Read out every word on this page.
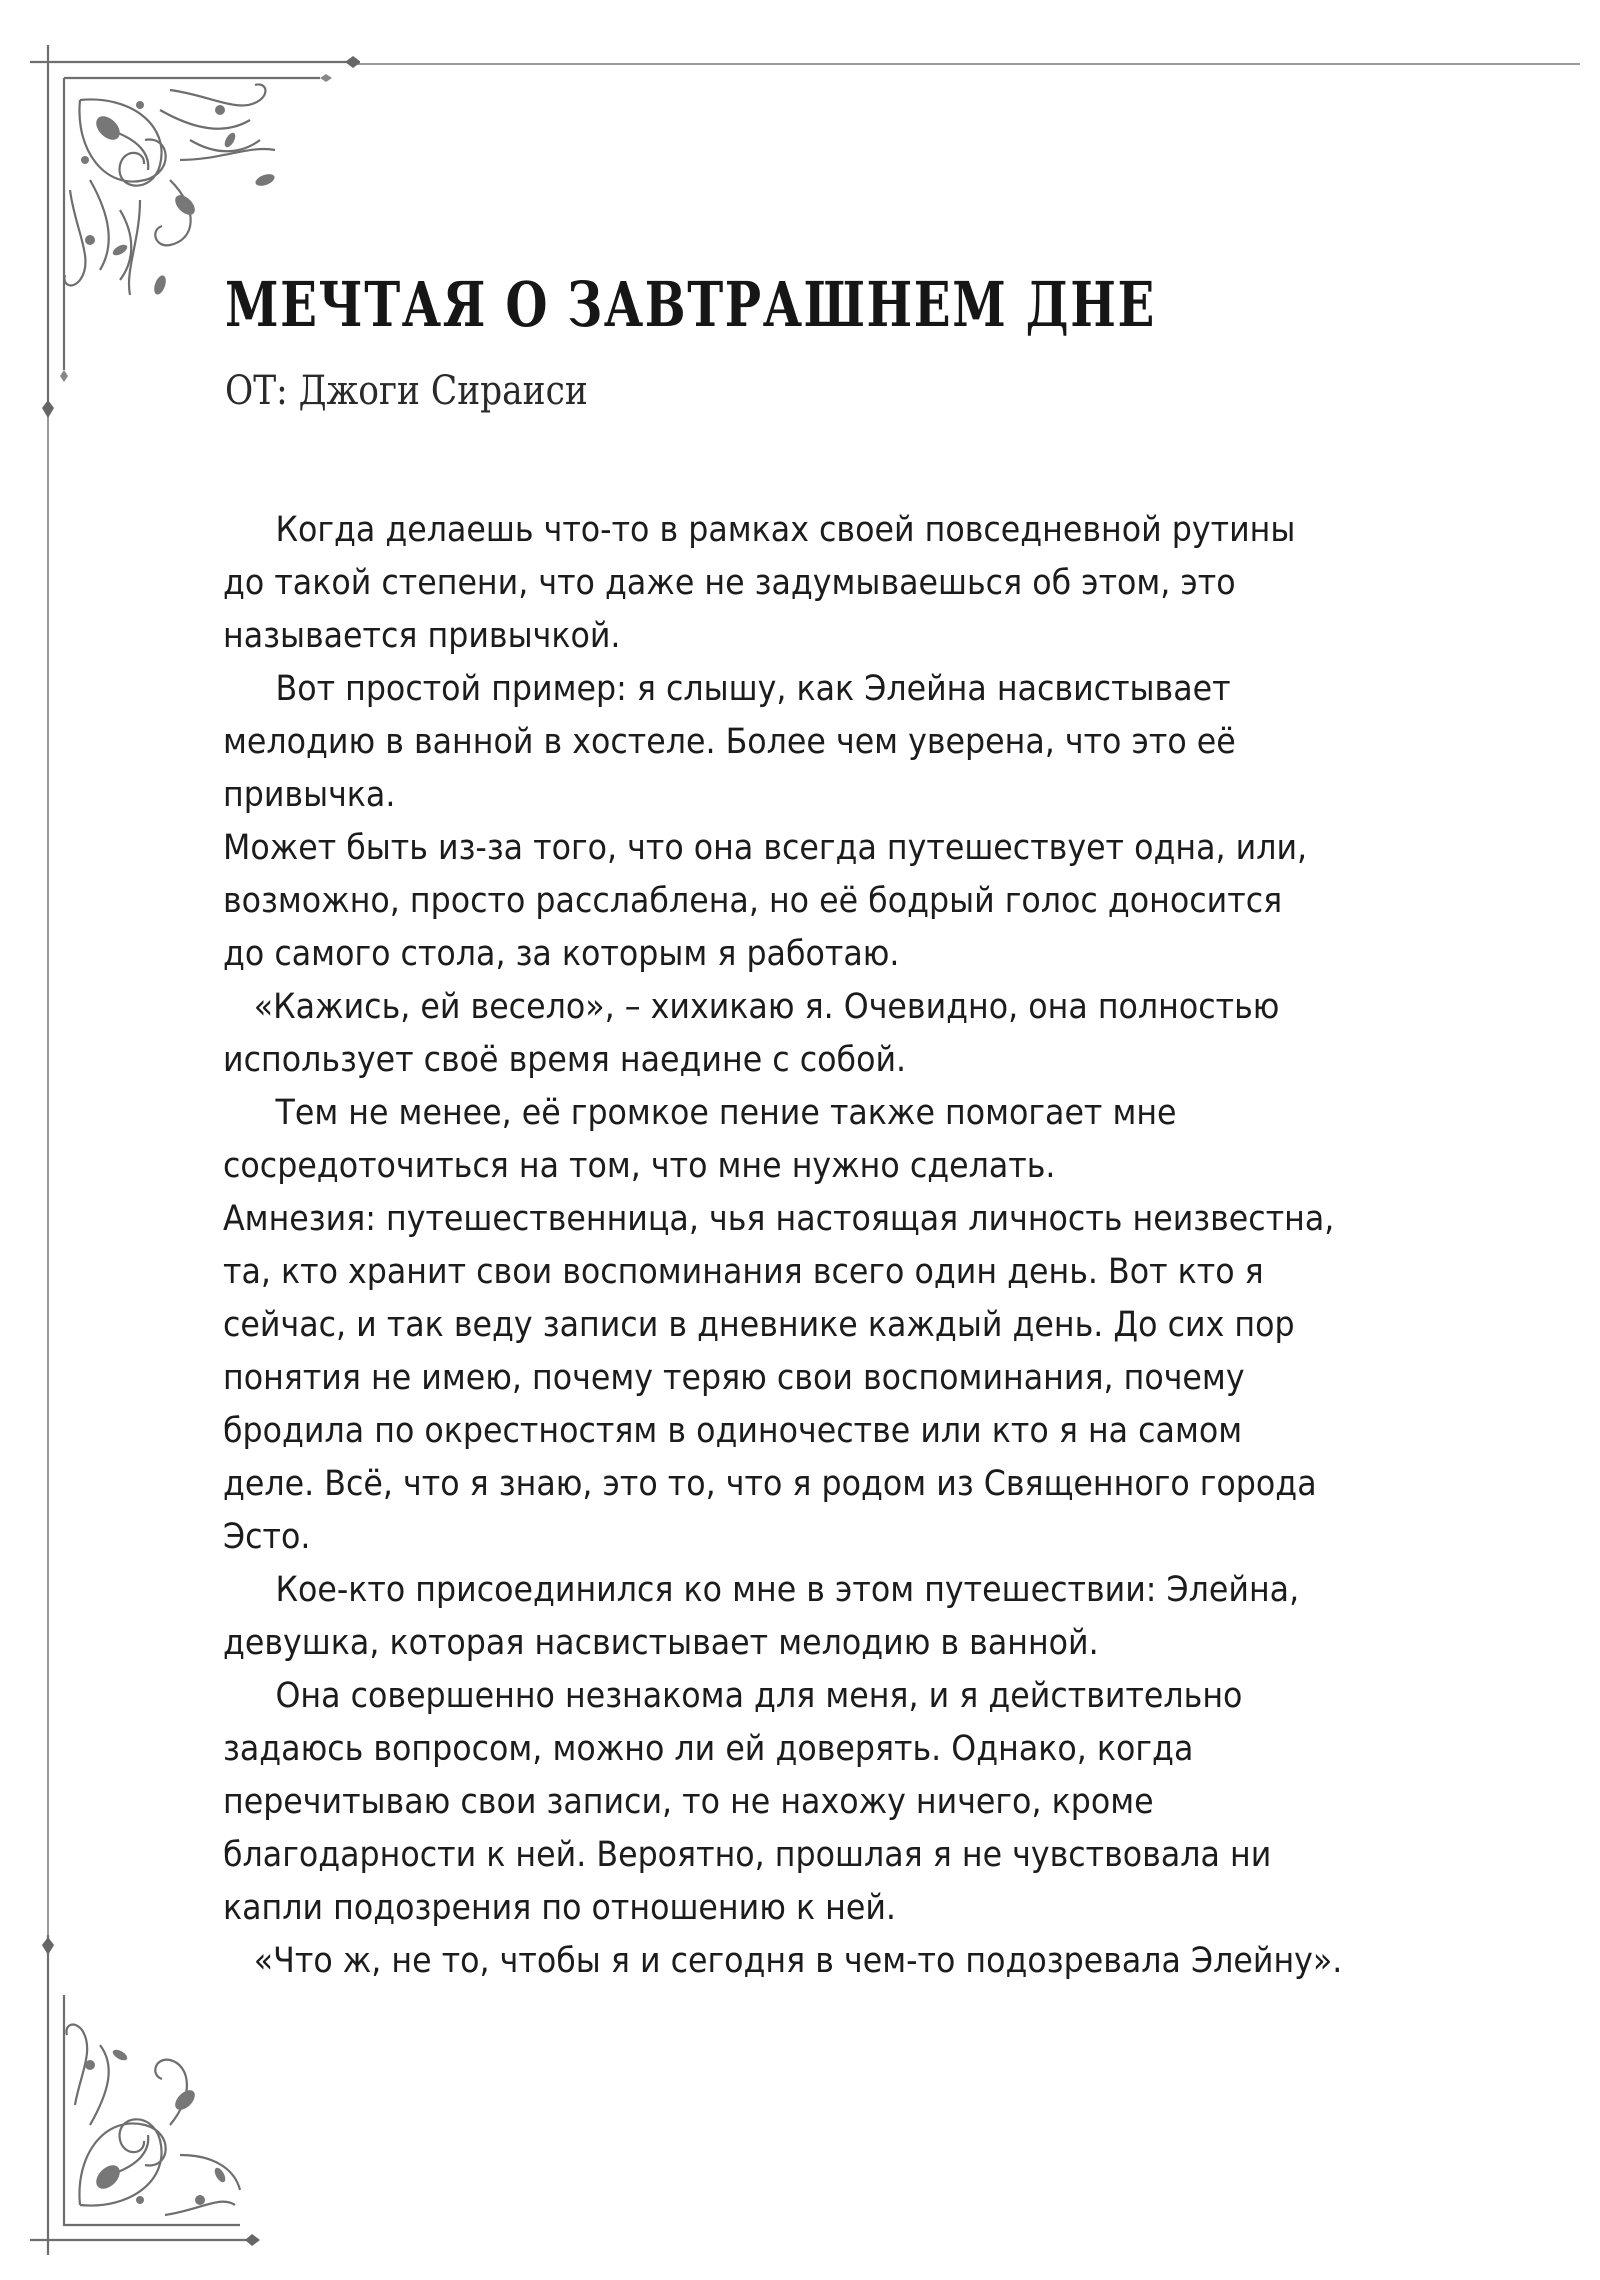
МЕЧТАЯ О ЗАВТРАШНЕМ ДНЕ
ОТ: Джоги Сираиси
Когда делаешь что-то в рамках своей повседневной рутины
до такой степени, что даже не задумываешься об этом, это
называется привычкой.
Вот простой пример: я слышу, как Элейна насвистывает
мелодию в ванной в хостеле. Более чем уверена, что это её
привычка.
Может быть из-за того, что она всегда путешествует одна, или,
возможно, просто расслаблена, но её бодрый голос доносится
до самого стола, за которым я работаю.
«Кажись, ей весело», – хихикаю я. Очевидно, она полностью
использует своё время наедине с собой.
Тем не менее, её громкое пение также помогает мне
сосредоточиться на том, что мне нужно сделать.
Амнезия: путешественница, чья настоящая личность неизвестна,
та, кто хранит свои воспоминания всего один день. Вот кто я
сейчас, и так веду записи в дневнике каждый день. До сих пор
понятия не имею, почему теряю свои воспоминания, почему
бродила по окрестностям в одиночестве или кто я на самом
деле. Всё, что я знаю, это то, что я родом из Священного города
Эсто.
Кое-кто присоединился ко мне в этом путешествии: Элейна,
девушка, которая насвистывает мелодию в ванной.
Она совершенно незнакома для меня, и я действительно
задаюсь вопросом, можно ли ей доверять. Однако, когда
перечитываю свои записи, то не нахожу ничего, кроме
благодарности к ней. Вероятно, прошлая я не чувствовала ни
капли подозрения по отношению к ней.
«Что ж, не то, чтобы я и сегодня в чем-то подозревала Элейну».
